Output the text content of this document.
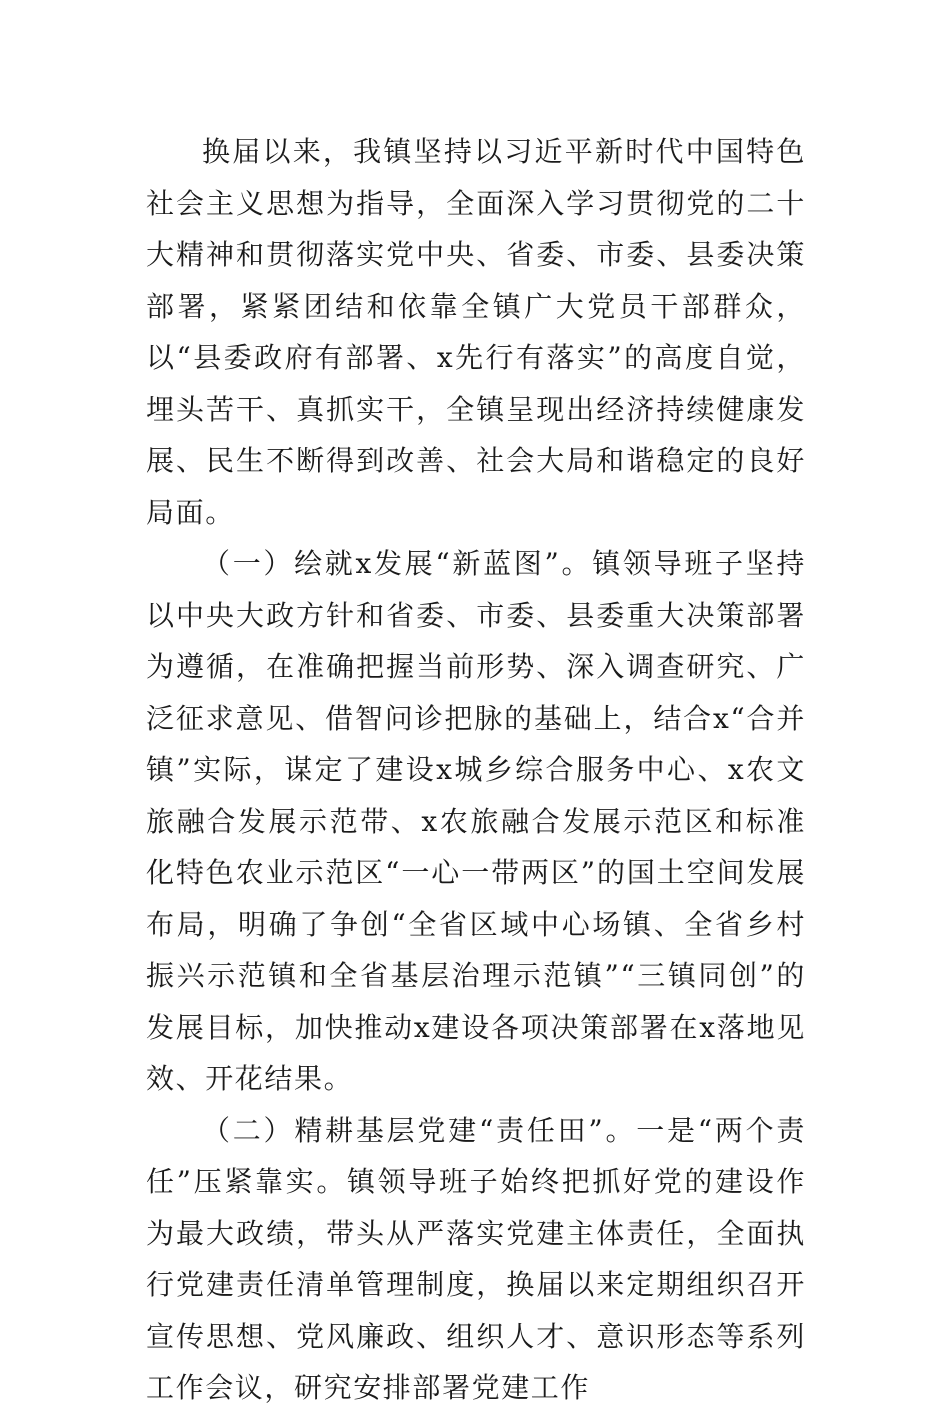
换届以来，我镇坚持以习近平新时代中国特色社会主义思想为指导，全面深入学习贯彻党的二十大精神和贯彻落实党中央、省委、市委、县委决策部署，紧紧团结和依靠全镇广大党员干部群众，以“县委政府有部署、x先行有落实”的高度自觉，埋头苦干、真抓实干，全镇呈现出经济持续健康发展、民生不断得到改善、社会大局和谐稳定的良好局面。

（一）绘就x发展“新蓝图”。镇领导班子坚持以中央大政方针和省委、市委、县委重大决策部署为遵循，在准确把握当前形势、深入调查研究、广泛征求意见、借智问诊把脉的基础上，结合x“合并镇”实际，谋定了建设x城乡综合服务中心、x农文旅融合发展示范带、x农旅融合发展示范区和标准化特色农业示范区“一心一带两区”的国土空间发展布局，明确了争创“全省区域中心场镇、全省乡村振兴示范镇和全省基层治理示范镇”“三镇同创”的发展目标，加快推动x建设各项决策部署在x落地见效、开花结果。

（二）精耕基层党建“责任田”。一是“两个责任”压紧靠实。镇领导班子始终把抓好党的建设作为最大政绩，带头从严落实党建主体责任，全面执行党建责任清单管理制度，换届以来定期组织召开宣传思想、党风廉政、组织人才、意识形态等系列工作会议，研究安排部署党建工作
